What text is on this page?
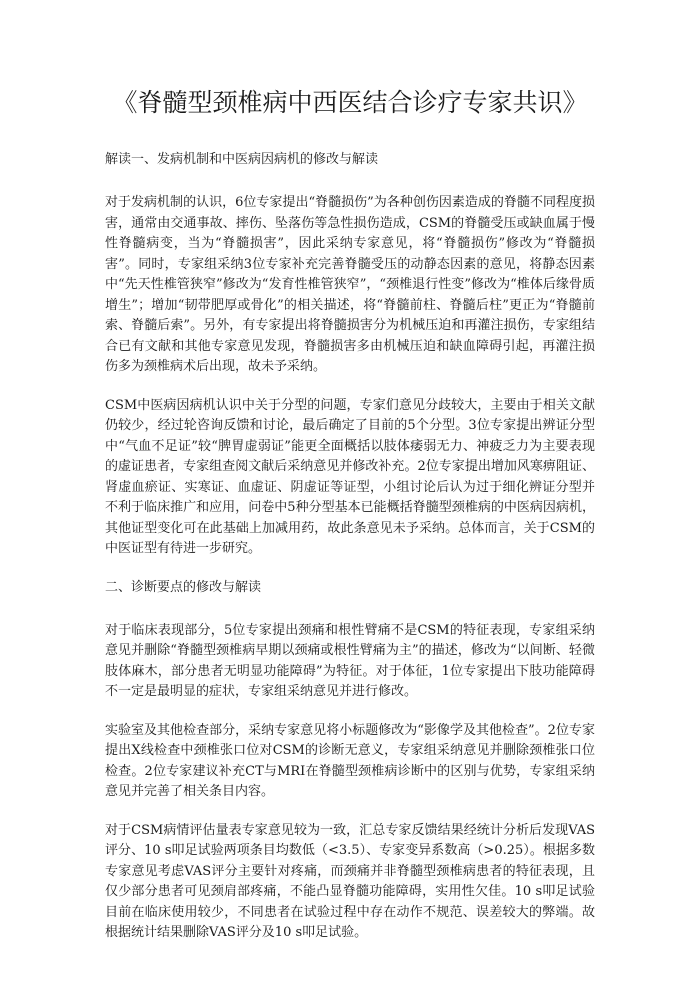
《脊髓型颈椎病中西医结合诊疗专家共识》
解读一、发病机制和中医病因病机的修改与解读

对于发病机制的认识，6位专家提出“脊髓损伤”为各种创伤因素造成的脊髓不同程度损害，通常由交通事故、摔伤、坠落伤等急性损伤造成，CSM的脊髓受压或缺血属于慢性脊髓病变，当为“脊髓损害”，因此采纳专家意见，将“脊髓损伤”修改为“脊髓损害”。同时，专家组采纳3位专家补充完善脊髓受压的动静态因素的意见，将静态因素中“先天性椎管狭窄”修改为“发育性椎管狭窄”，“颈椎退行性变”修改为“椎体后缘骨质增生”；增加“韧带肥厚或骨化”的相关描述，将“脊髓前柱、脊髓后柱”更正为“脊髓前索、脊髓后索”。另外，有专家提出将脊髓损害分为机械压迫和再灌注损伤，专家组结合已有文献和其他专家意见发现，脊髓损害多由机械压迫和缺血障碍引起，再灌注损伤多为颈椎病术后出现，故未予采纳。

CSM中医病因病机认识中关于分型的问题，专家们意见分歧较大，主要由于相关文献仍较少，经过轮咨询反馈和讨论，最后确定了目前的5个分型。3位专家提出辨证分型中“气血不足证”较“脾胃虚弱证”能更全面概括以肢体痿弱无力、神疲乏力为主要表现的虚证患者，专家组查阅文献后采纳意见并修改补充。2位专家提出增加风寒痹阻证、肾虚血瘀证、实寒证、血虚证、阴虚证等证型，小组讨论后认为过于细化辨证分型并不利于临床推广和应用，问卷中5种分型基本已能概括脊髓型颈椎病的中医病因病机，其他证型变化可在此基础上加减用药，故此条意见未予采纳。总体而言，关于CSM的中医证型有待进一步研究。

二、诊断要点的修改与解读

对于临床表现部分，5位专家提出颈痛和根性臂痛不是CSM的特征表现，专家组采纳意见并删除“脊髓型颈椎病早期以颈痛或根性臂痛为主”的描述，修改为“以间断、轻微肢体麻木，部分患者无明显功能障碍”为特征。对于体征，1位专家提出下肢功能障碍不一定是最明显的症状，专家组采纳意见并进行修改。

实验室及其他检查部分，采纳专家意见将小标题修改为“影像学及其他检查”。2位专家提出X线检查中颈椎张口位对CSM的诊断无意义，专家组采纳意见并删除颈椎张口位检查。2位专家建议补充CT与MRI在脊髓型颈椎病诊断中的区别与优势，专家组采纳意见并完善了相关条目内容。

对于CSM病情评估量表专家意见较为一致，汇总专家反馈结果经统计分析后发现VAS评分、10 s叩足试验两项条目均数低（<3.5）、专家变异系数高（>0.25）。根据多数专家意见考虑VAS评分主要针对疼痛，而颈痛并非脊髓型颈椎病患者的特征表现，且仅少部分患者可见颈肩部疼痛，不能凸显脊髓功能障碍，实用性欠佳。10 s叩足试验目前在临床使用较少，不同患者在试验过程中存在动作不规范、误差较大的弊端。故根据统计结果删除VAS评分及10 s叩足试验。
